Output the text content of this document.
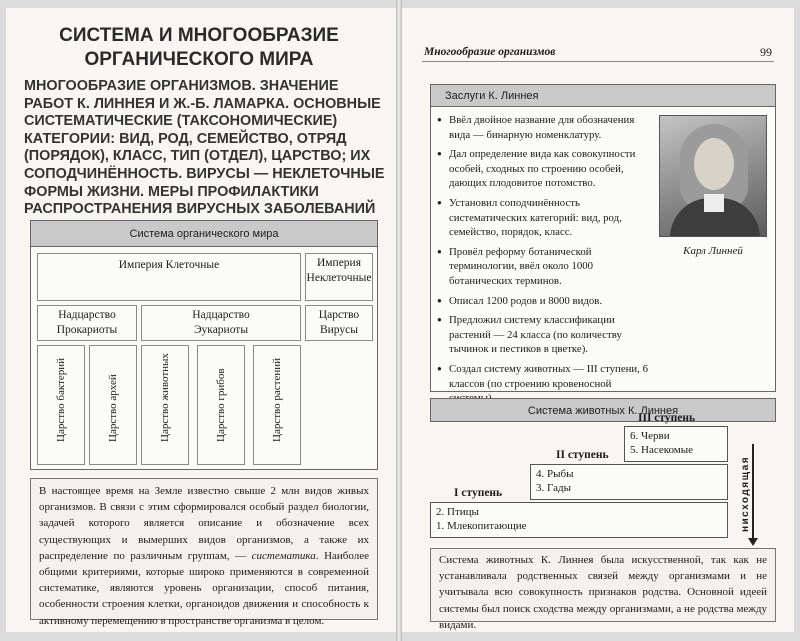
СИСТЕМА И МНОГООБРАЗИЕ ОРГАНИЧЕСКОГО МИРА
МНОГООБРАЗИЕ ОРГАНИЗМОВ. ЗНАЧЕНИЕ РАБОТ К. ЛИННЕЯ И Ж.-Б. ЛАМАРКА. ОСНОВНЫЕ СИСТЕМАТИЧЕСКИЕ (ТАКСОНОМИЧЕСКИЕ) КАТЕГОРИИ: ВИД, РОД, СЕМЕЙСТВО, ОТРЯД (ПОРЯДОК), КЛАСС, ТИП (ОТДЕЛ), ЦАРСТВО; ИХ СОПОДЧИНЁННОСТЬ. ВИРУСЫ — НЕКЛЕТОЧНЫЕ ФОРМЫ ЖИЗНИ. МЕРЫ ПРОФИЛАКТИКИ РАСПРОСТРАНЕНИЯ ВИРУСНЫХ ЗАБОЛЕВАНИЙ
Система органического мира
Империя Клеточные	Империя Неклеточные
Надцарство Прокариоты
Надцарство Эукариоты
Царство Вирусы
Царство бактерий	Царство архей	Царство животных	Царство грибов	Царство растений
В настоящее время на Земле известно свыше 2 млн видов живых организмов. В связи с этим сформировался особый раздел биологии, задачей которого является описание и обозначение всех существующих и вымерших видов организмов, а также их распределение по различным группам, — систематика. Наиболее общими критериями, которые широко применяются в современной систематике, являются уровень организации, способ питания, особенности строения клетки, органоидов движения и способность к активному перемещению в пространстве организма в целом.
Многообразие организмов	99
Заслуги К. Линнея
● Ввёл двойное название для обозначения вида — бинарную номенклатуру.
● Дал определение вида как совокупности особей, сходных по строению особей, дающих плодовитое потомство.
● Установил соподчинённость систематических категорий: вид, род, семейство, порядок, класс.
● Провёл реформу ботанической терминологии, ввёл около 1000 ботанических терминов.
● Описал 1200 родов и 8000 видов.
● Предложил систему классификации растений — 24 класса (по количеству тычинок и пестиков в цветке).
● Создал систему животных — III ступени, 6 классов (по строению кровеносной
Карл Линней
Система животных К. Линнея
6. Черви
5. Насекомые
III ступень
4. Рыбы
3. Гады
II ступень
2. Птицы
1. Млекопитающие
I ступень	нисходящая
Система животных К. Линнея была искусственной, так как не устанавливала родственных связей между организмами и не учитывала всю совокупность признаков родства. Основной идеей системы был поиск сходства между организмами, а не родства между видами.
